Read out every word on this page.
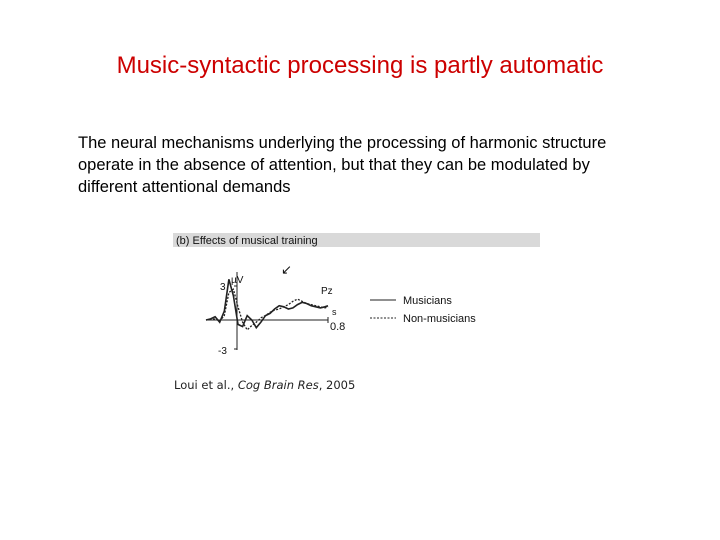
Music-syntactic processing is partly automatic
The neural mechanisms underlying the processing of harmonic structure operate in the absence of attention, but that they can be modulated by different attentional demands
(b) Effects of musical training
µV
3
-3
s
0.8
Pz
↙
Musicians
Non-musicians
Loui et al., Cog Brain Res, 2005
